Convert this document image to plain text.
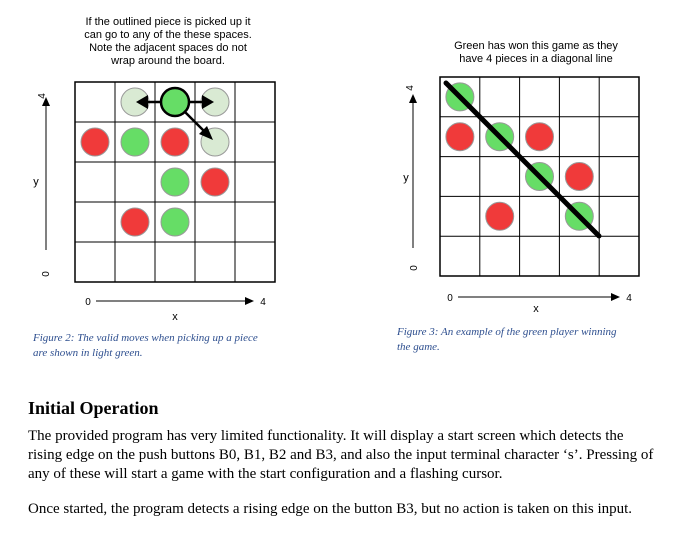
If the outlined piece is picked up it
can go to any of the these spaces.
Note the adjacent spaces do not
wrap around the board.
4
y
0
0	4
x
Figure 2: The valid moves when picking up a piece
are shown in light green.
Green has won this game as they
have 4 pieces in a diagonal line
4
y
0
0	4
x
Figure 3: An example of the green player winning
the game.
Initial Operation

The provided program has very limited functionality. It will display a start screen which detects the rising edge on the push buttons B0, B1, B2 and B3, and also the input terminal character ‘s’. Pressing of any of these will start a game with the start configuration and a flashing cursor.

Once started, the program detects a rising edge on the button B3, but no action is taken on this input.
